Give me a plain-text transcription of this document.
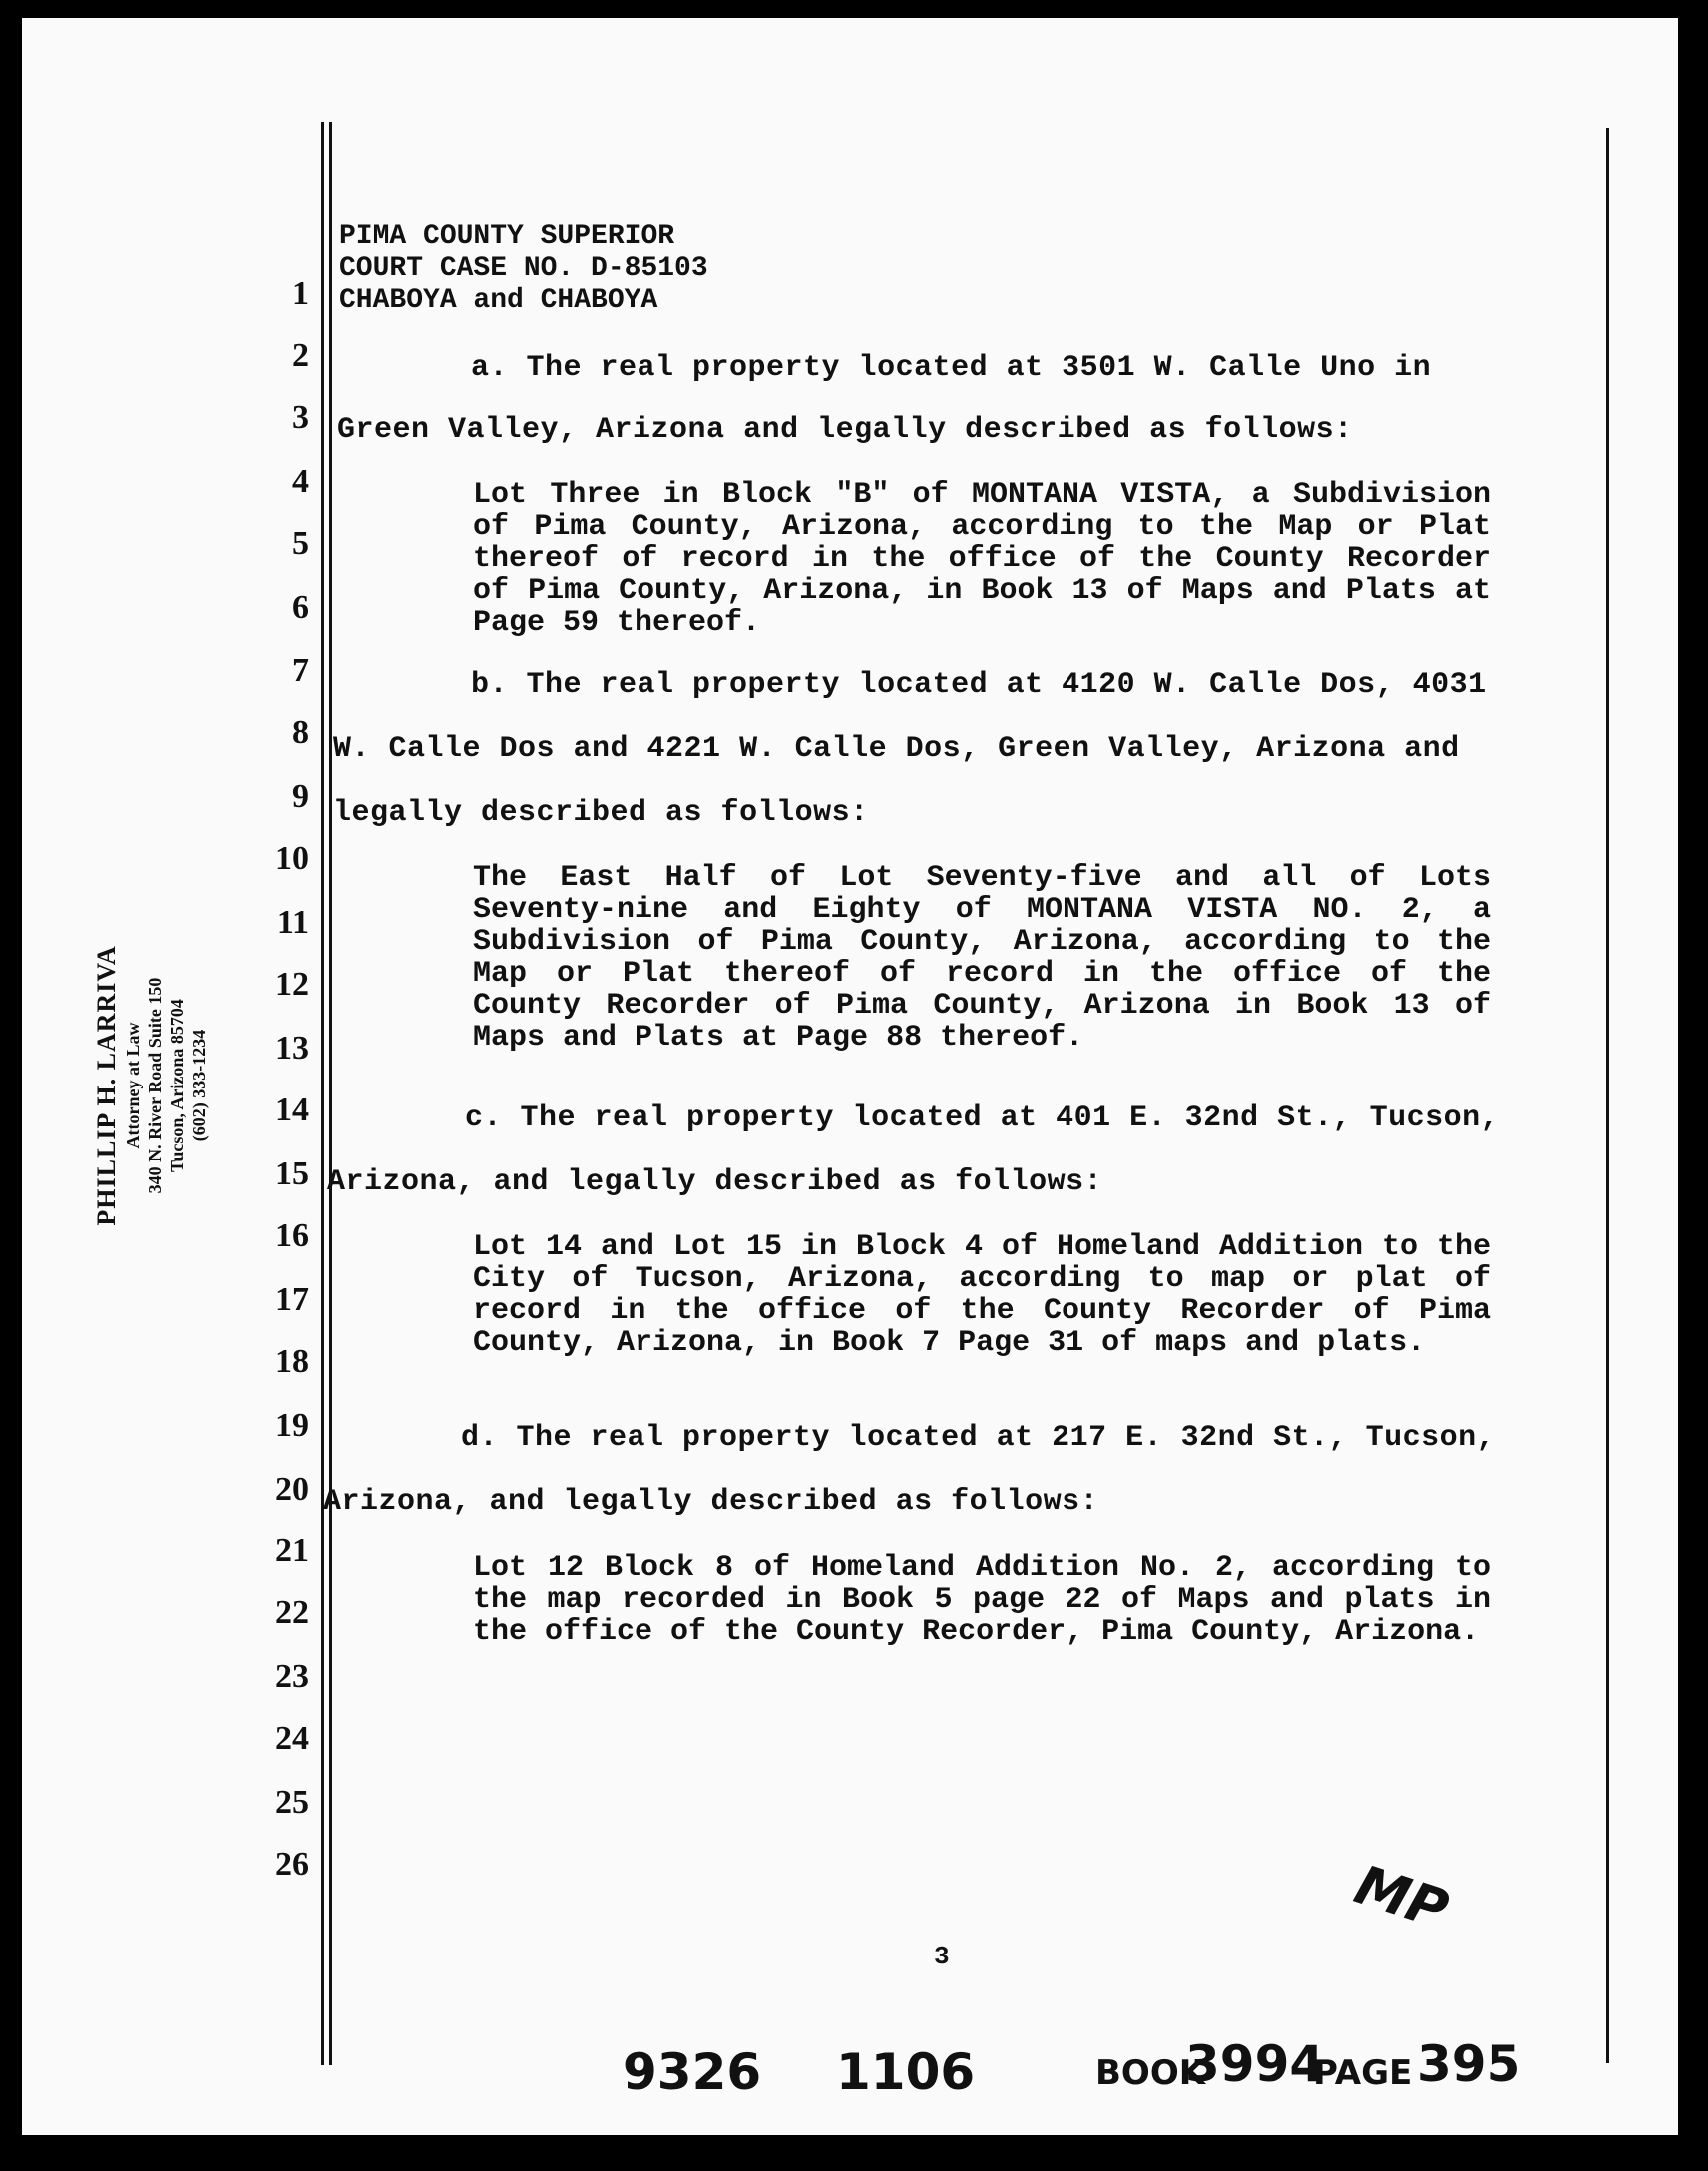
PHILLIP H. LARRIVA Attorney at Law 340 N. River Road Suite 150 Tucson, Arizona 85704 (602) 333-1234
1
2
3
4
5
6
7
8
9
10
11
12
13
14
15
16
17
18
19
20
21
22
23
24
25
26
PIMA COUNTY SUPERIOR
COURT CASE NO. D-85103
CHABOYA and CHABOYA
a. The real property located at 3501 W. Calle Uno in
Green Valley, Arizona and legally described as follows:
Lot Three in Block "B" of MONTANA VISTA, a Subdivision of Pima County, Arizona, according to the Map or Plat thereof of record in the office of the County Recorder of Pima County, Arizona, in Book 13 of Maps and Plats at Page 59 thereof.
b. The real property located at 4120 W. Calle Dos, 4031
W. Calle Dos and 4221 W. Calle Dos, Green Valley, Arizona and
legally described as follows:
The East Half of Lot Seventy-five and all of Lots Seventy-nine and Eighty of MONTANA VISTA NO. 2, a Subdivision of Pima County, Arizona, according to the Map or Plat thereof of record in the office of the County Recorder of Pima County, Arizona in Book 13 of Maps and Plats at Page 88 thereof.
c. The real property located at 401 E. 32nd St., Tucson,
Arizona, and legally described as follows:
Lot 14 and Lot 15 in Block 4 of Homeland Addition to the City of Tucson, Arizona, according to map or plat of record in the office of the County Recorder of Pima County, Arizona, in Book 7 Page 31 of maps and plats.
d. The real property located at 217 E. 32nd St., Tucson,
Arizona, and legally described as follows:
Lot 12 Block 8 of Homeland Addition No. 2, according to the map recorded in Book 5 page 22 of Maps and plats in the office of the County Recorder, Pima County, Arizona.
3
MP
9326 1106	BOOK
3994
PAGE 395
